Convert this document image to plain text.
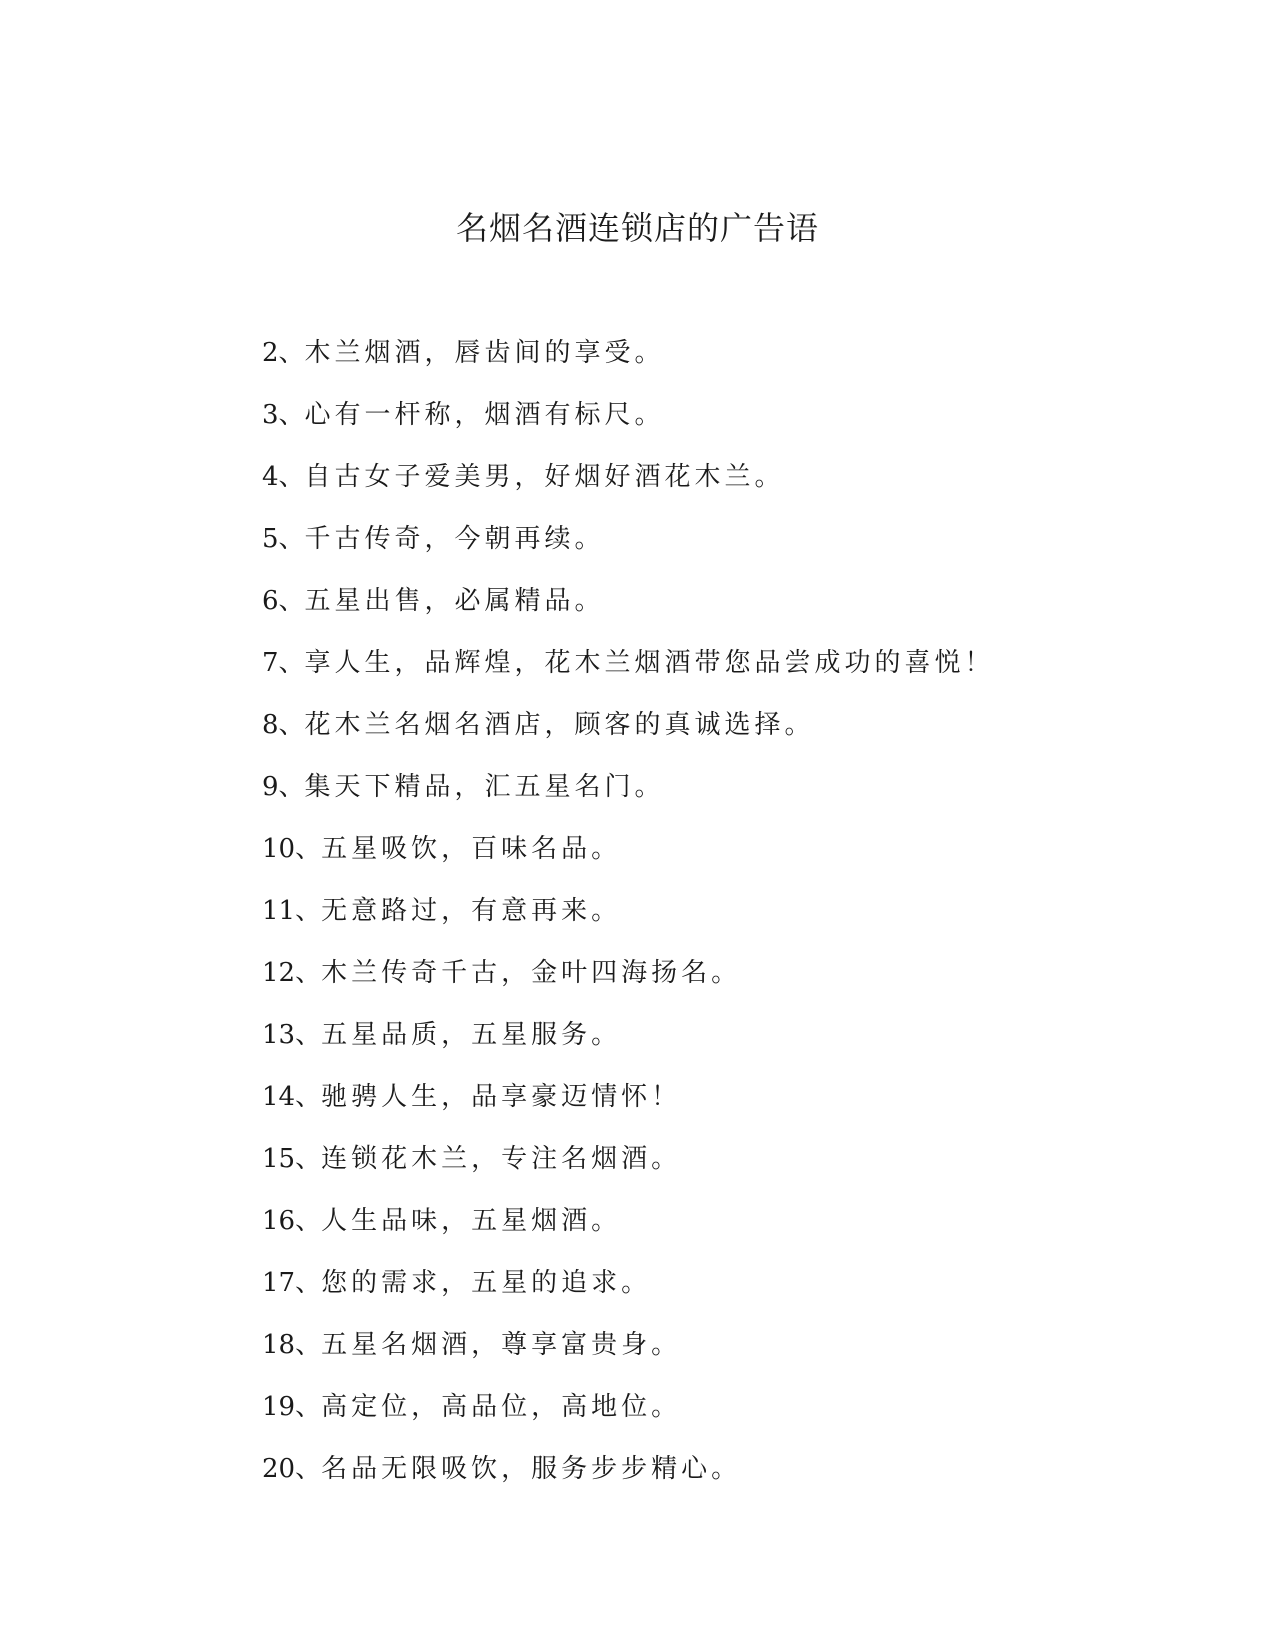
名烟名酒连锁店的广告语
2、木兰烟酒，唇齿间的享受。
3、心有一杆称，烟酒有标尺。
4、自古女子爱美男，好烟好酒花木兰。
5、千古传奇，今朝再续。
6、五星出售，必属精品。
7、享人生，品辉煌，花木兰烟酒带您品尝成功的喜悦！
8、花木兰名烟名酒店，顾客的真诚选择。
9、集天下精品，汇五星名门。
10、五星吸饮，百味名品。
11、无意路过，有意再来。
12、木兰传奇千古，金叶四海扬名。
13、五星品质，五星服务。
14、驰骋人生，品享豪迈情怀！
15、连锁花木兰，专注名烟酒。
16、人生品味，五星烟酒。
17、您的需求，五星的追求。
18、五星名烟酒，尊享富贵身。
19、高定位，高品位，高地位。
20、名品无限吸饮，服务步步精心。
